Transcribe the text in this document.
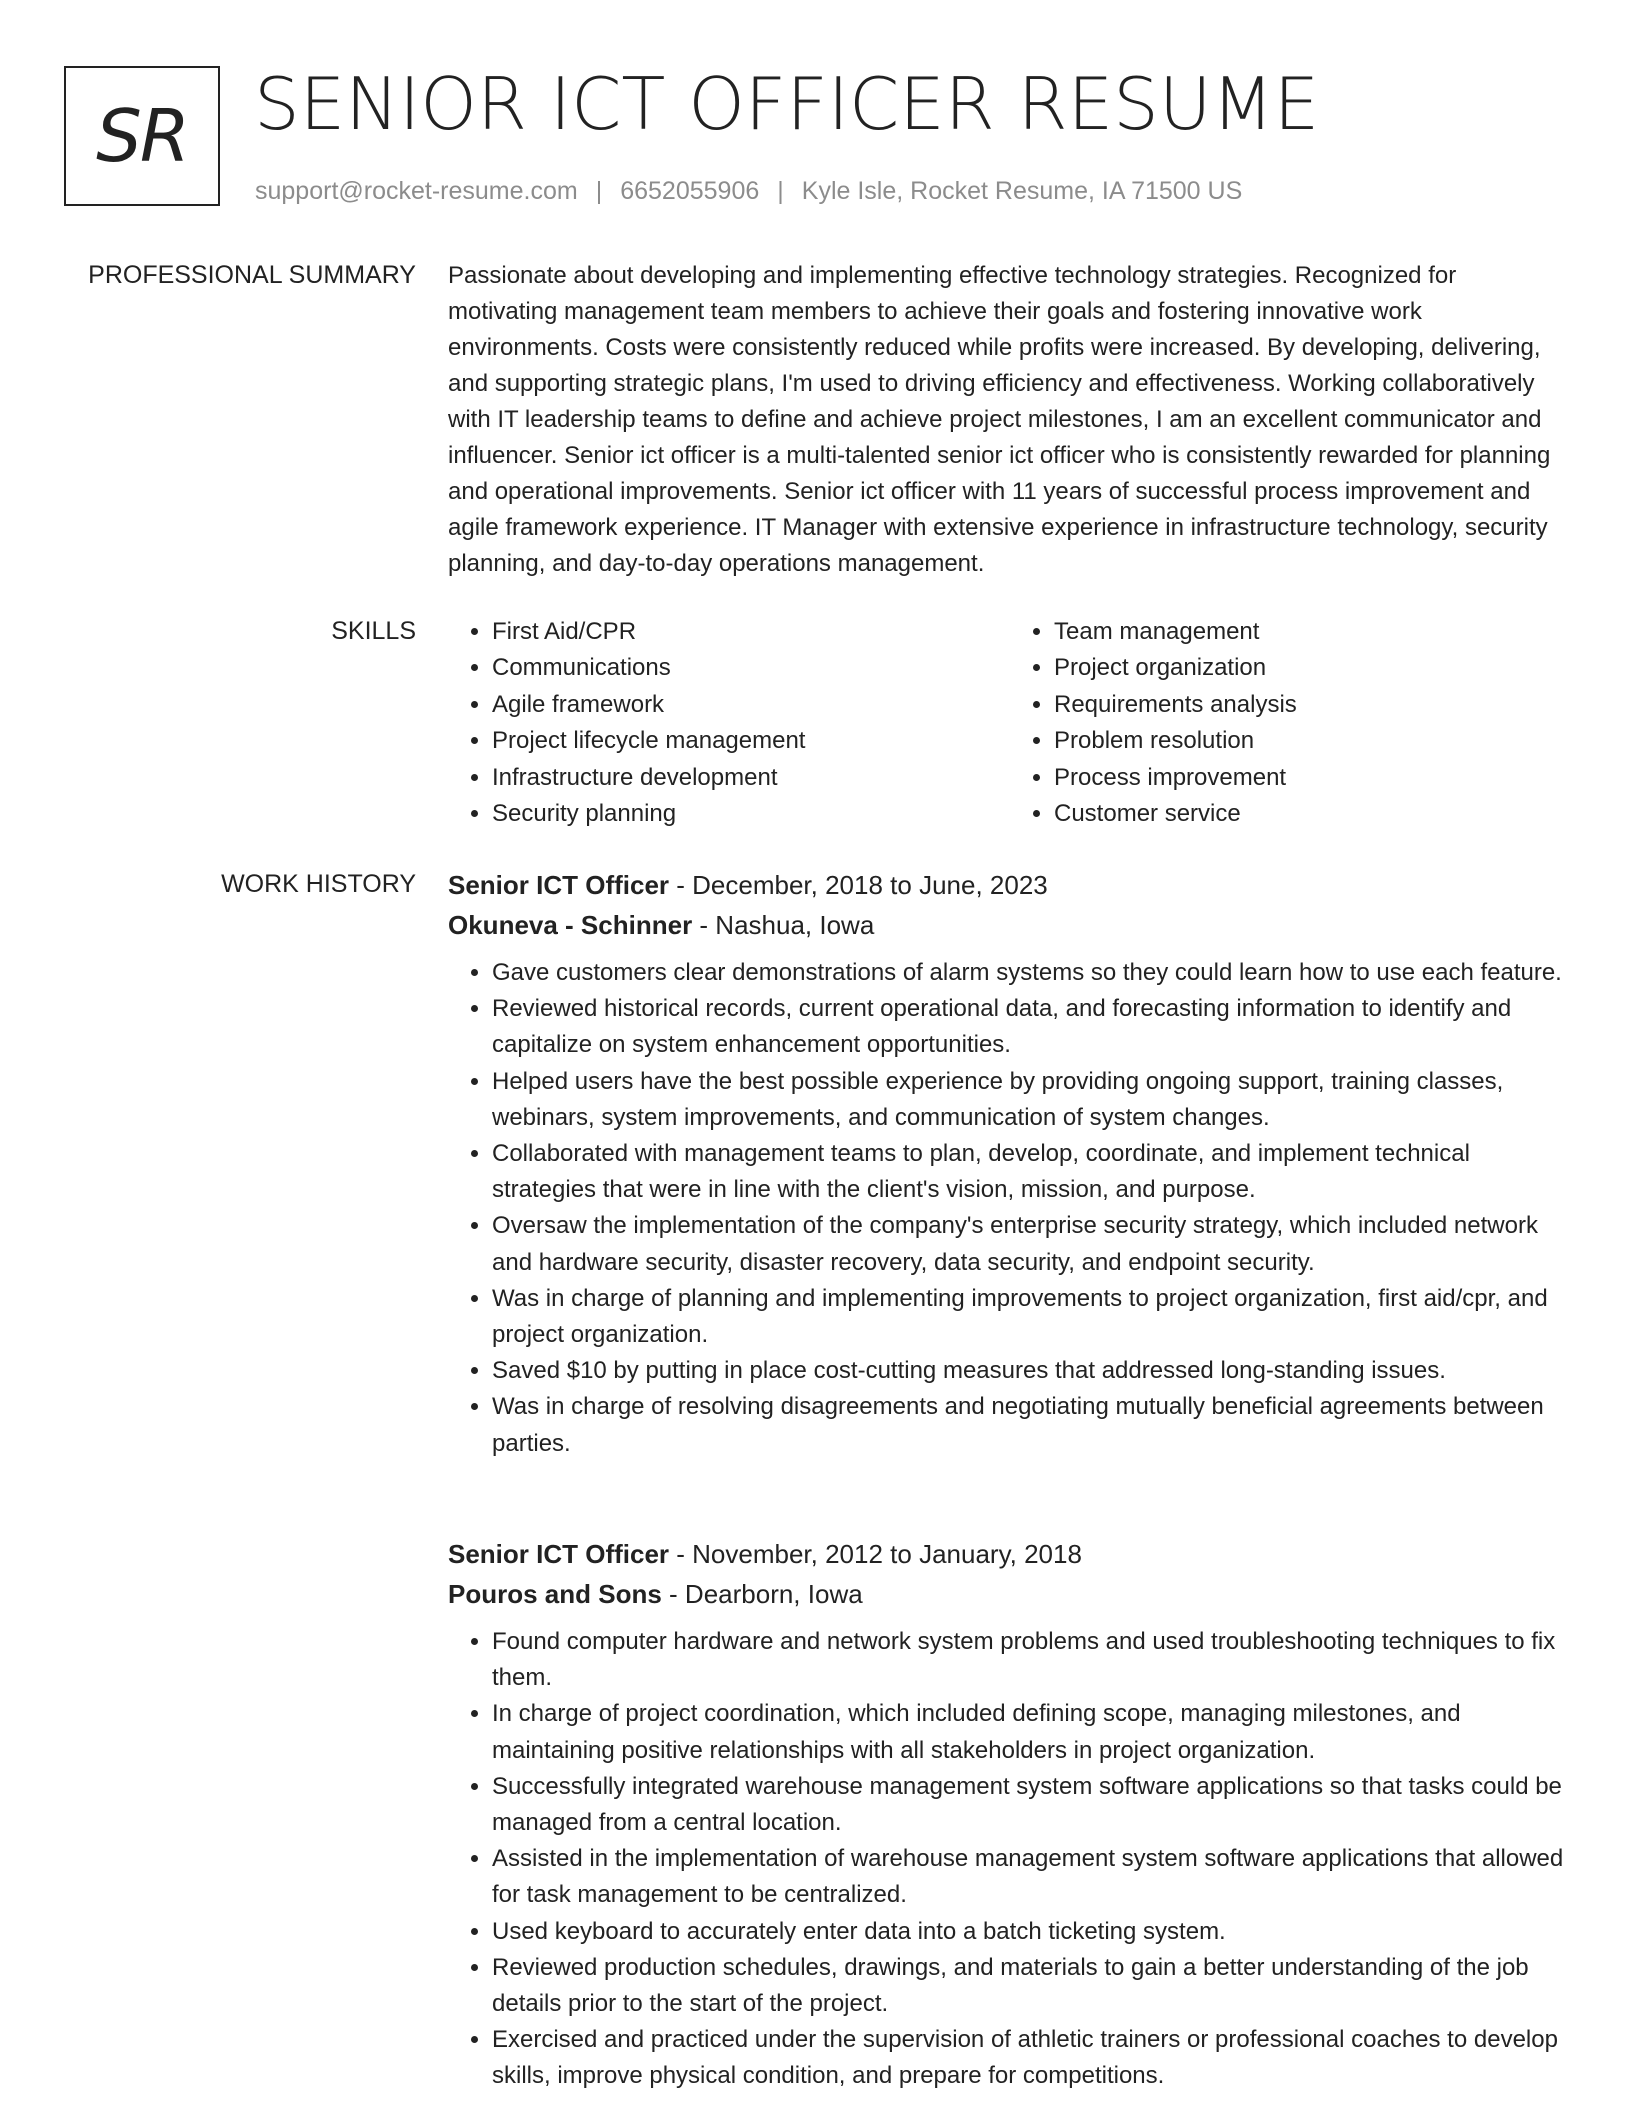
SR SENIOR ICT OFFICER RESUME
support@rocket-resume.com | 6652055906 | Kyle Isle, Rocket Resume, IA 71500 US
PROFESSIONAL SUMMARY Passionate about developing and implementing effective technology strategies. Recognized for motivating management team members to achieve their goals and fostering innovative work environments. Costs were consistently reduced while profits were increased. By developing, delivering, and supporting strategic plans, I'm used to driving efficiency and effectiveness. Working collaboratively with IT leadership teams to define and achieve project milestones, I am an excellent communicator and influencer. Senior ict officer is a multi-talented senior ict officer who is consistently rewarded for planning and operational improvements. Senior ict officer with 11 years of successful process improvement and agile framework experience. IT Manager with extensive experience in infrastructure technology, security planning, and day-to-day operations management.

SKILLS
•	First Aid/CPR
• Communications
• Agile framework
• Project lifecycle management
• Infrastructure development
• Security planning
• Team management
• Project organization
• Requirements analysis
• Problem resolution
• Process improvement
• Customer service
WORK HISTORY Senior ICT Officer - December, 2018 to June, 2023
Okuneva - Schinner - Nashua, Iowa
• Gave customers clear demonstrations of alarm systems so they could learn how to use each feature.
• Reviewed historical records, current operational data, and forecasting information to identify and capitalize on system enhancement opportunities.
• Helped users have the best possible experience by providing ongoing support, training classes, webinars, system improvements, and communication of system changes.
• Collaborated with management teams to plan, develop, coordinate, and implement technical strategies that were in line with the client's vision, mission, and purpose.
• Oversaw the implementation of the company's enterprise security strategy, which included network and hardware security, disaster recovery, data security, and endpoint security.
• Was in charge of planning and implementing improvements to project organization, first aid/cpr, and project organization.
• Saved $10 by putting in place cost-cutting measures that addressed long-standing issues.
• Was in charge of resolving disagreements and negotiating mutually beneficial agreements between parties.
Senior ICT Officer - November, 2012 to January, 2018
Pouros and Sons - Dearborn, Iowa
• Found computer hardware and network system problems and used troubleshooting techniques to fix them.
• In charge of project coordination, which included defining scope, managing milestones, and maintaining positive relationships with all stakeholders in project organization.
• Successfully integrated warehouse management system software applications so that tasks could be managed from a central location.
• Assisted in the implementation of warehouse management system software applications that allowed for task management to be centralized.
• Used keyboard to accurately enter data into a batch ticketing system.
• Reviewed production schedules, drawings, and materials to gain a better understanding of the job details prior to the start of the project.
• Exercised and practiced under the supervision of athletic trainers or professional coaches to develop skills, improve physical condition, and prepare for competitions.
